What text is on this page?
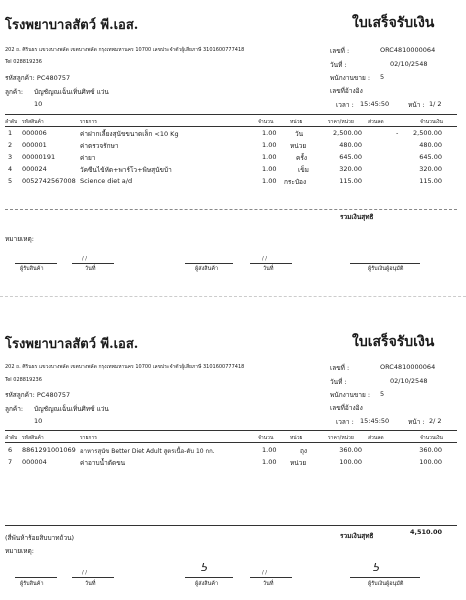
โรงพยาบาลสัตว์ พี.เอส.	ใบเสร็จรับเงิน
202 ถ. ศิรินธร แขวงบางพลัด เขตบางพลัด กรุงเทพมหานคร 10700 เลขประจำตัวผู้เสียภาษี 3101600777418
Tel 028819236
รหัสลูกค้า: PC480757
ลูกค้า: บัญชัญณเฉ็นเทิ่นศิทซ์ แว่น
10
เลขที่ :	ORC4810000064
วันที่ :	02/10/2548
พนักงานขาย : 5
เลขที่อ้างอิง
เวลา : 15:45:50	หน้า : 1/ 2
ลำดับ รหัสสินค้า	รายการ	จำนวน	หน่วย	ราคา/หน่วย	ส่วนลด	จำนวนเงิน
1 000006	ค่าฝากเลี้ยงสุนัขขนาดเล็ก <10 Kg	1.00	วัน	2,500.00	-	2,500.00
2 000001	ค่าตรวจรักษา	1.00 หน่วย	480.00	480.00
3 00000191	ค่ายา	1.00	ครั้ง	645.00	645.00
4 000024	วัคซีนไข้หัด+พาร์โว+พิษสุนัขบ้า	1.00	เข็ม	320.00	320.00
5 0052742567008 Science diet a/d	1.00 กระป๋อง	115.00	115.00
รวมเงินสุทธิ
หมายเหตุ:
/ /	/ /
ผู้รับสินค้า	วันที่	ผู้ส่งสินค้า	วันที่	ผู้รับเงินผู้อนุมัติ
โรงพยาบาลสัตว์ พี.เอส.	ใบเสร็จรับเงิน
202 ถ. ศิรินธร แขวงบางพลัด เขตบางพลัด กรุงเทพมหานคร 10700 เลขประจำตัวผู้เสียภาษี 3101600777418
Tel 028819236
รหัสลูกค้า: PC480757
ลูกค้า: บัญชัญณเฉ็นเทิ่นศิทซ์ แว่น
10
เลขที่ :	ORC4810000064
วันที่ :	02/10/2548
พนักงานขาย : 5
เลขที่อ้างอิง
เวลา : 15:45:50	หน้า : 2/ 2
ลำดับ รหัสสินค้า	รายการ	จำนวน	หน่วย	ราคา/หน่วย	ส่วนลด	จำนวนเงิน
6 8861291001069 อาหารสุนัข Better Diet Adult สูตรเนื้อ-ตับ 10 กก.	1.00	ถุง	360.00	360.00
7 000004	ค่าอาบน้ำตัดขน	1.00 หน่วย	100.00	100.00
(สี่พันห้าร้อยสิบบาทถ้วน)	รวมเงินสุทธิ	4,510.00
หมายเหตุ:
ᕊ	ᕊ
/ /	/ /
ผู้รับสินค้า	วันที่	ผู้ส่งสินค้า	วันที่	ผู้รับเงินผู้อนุมัติ
